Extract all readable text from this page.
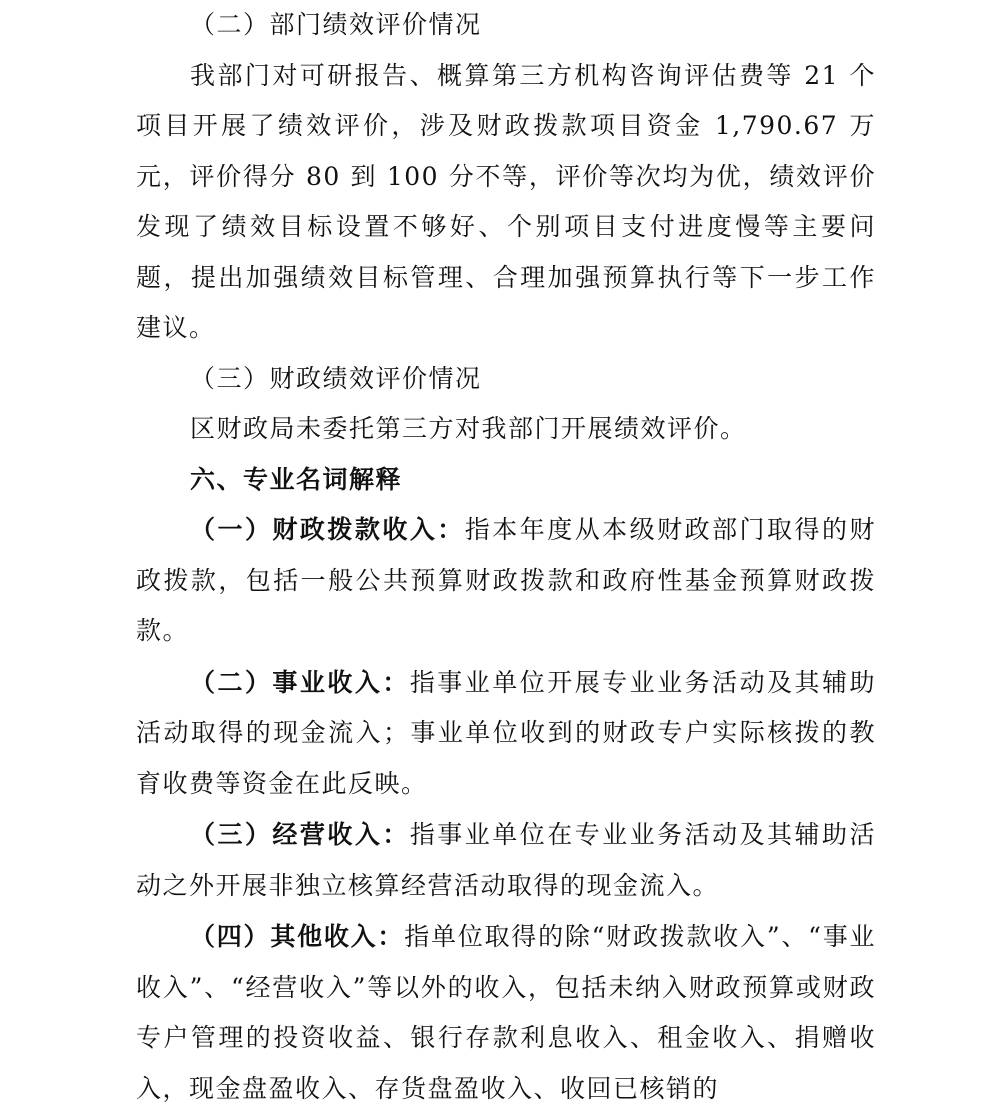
（二）部门绩效评价情况

我部门对可研报告、概算第三方机构咨询评估费等 21 个项目开展了绩效评价，涉及财政拨款项目资金 1,790.67 万元，评价得分 80 到 100 分不等，评价等次均为优，绩效评价发现了绩效目标设置不够好、个别项目支付进度慢等主要问题，提出加强绩效目标管理、合理加强预算执行等下一步工作建议。

（三）财政绩效评价情况

区财政局未委托第三方对我部门开展绩效评价。

六、专业名词解释

（一）财政拨款收入：指本年度从本级财政部门取得的财政拨款，包括一般公共预算财政拨款和政府性基金预算财政拨款。

（二）事业收入：指事业单位开展专业业务活动及其辅助活动取得的现金流入；事业单位收到的财政专户实际核拨的教育收费等资金在此反映。

（三）经营收入：指事业单位在专业业务活动及其辅助活动之外开展非独立核算经营活动取得的现金流入。

（四）其他收入：指单位取得的除“财政拨款收入”、“事业收入”、“经营收入”等以外的收入，包括未纳入财政预算或财政专户管理的投资收益、银行存款利息收入、租金收入、捐赠收入，现金盘盈收入、存货盘盈收入、收回已核销的
